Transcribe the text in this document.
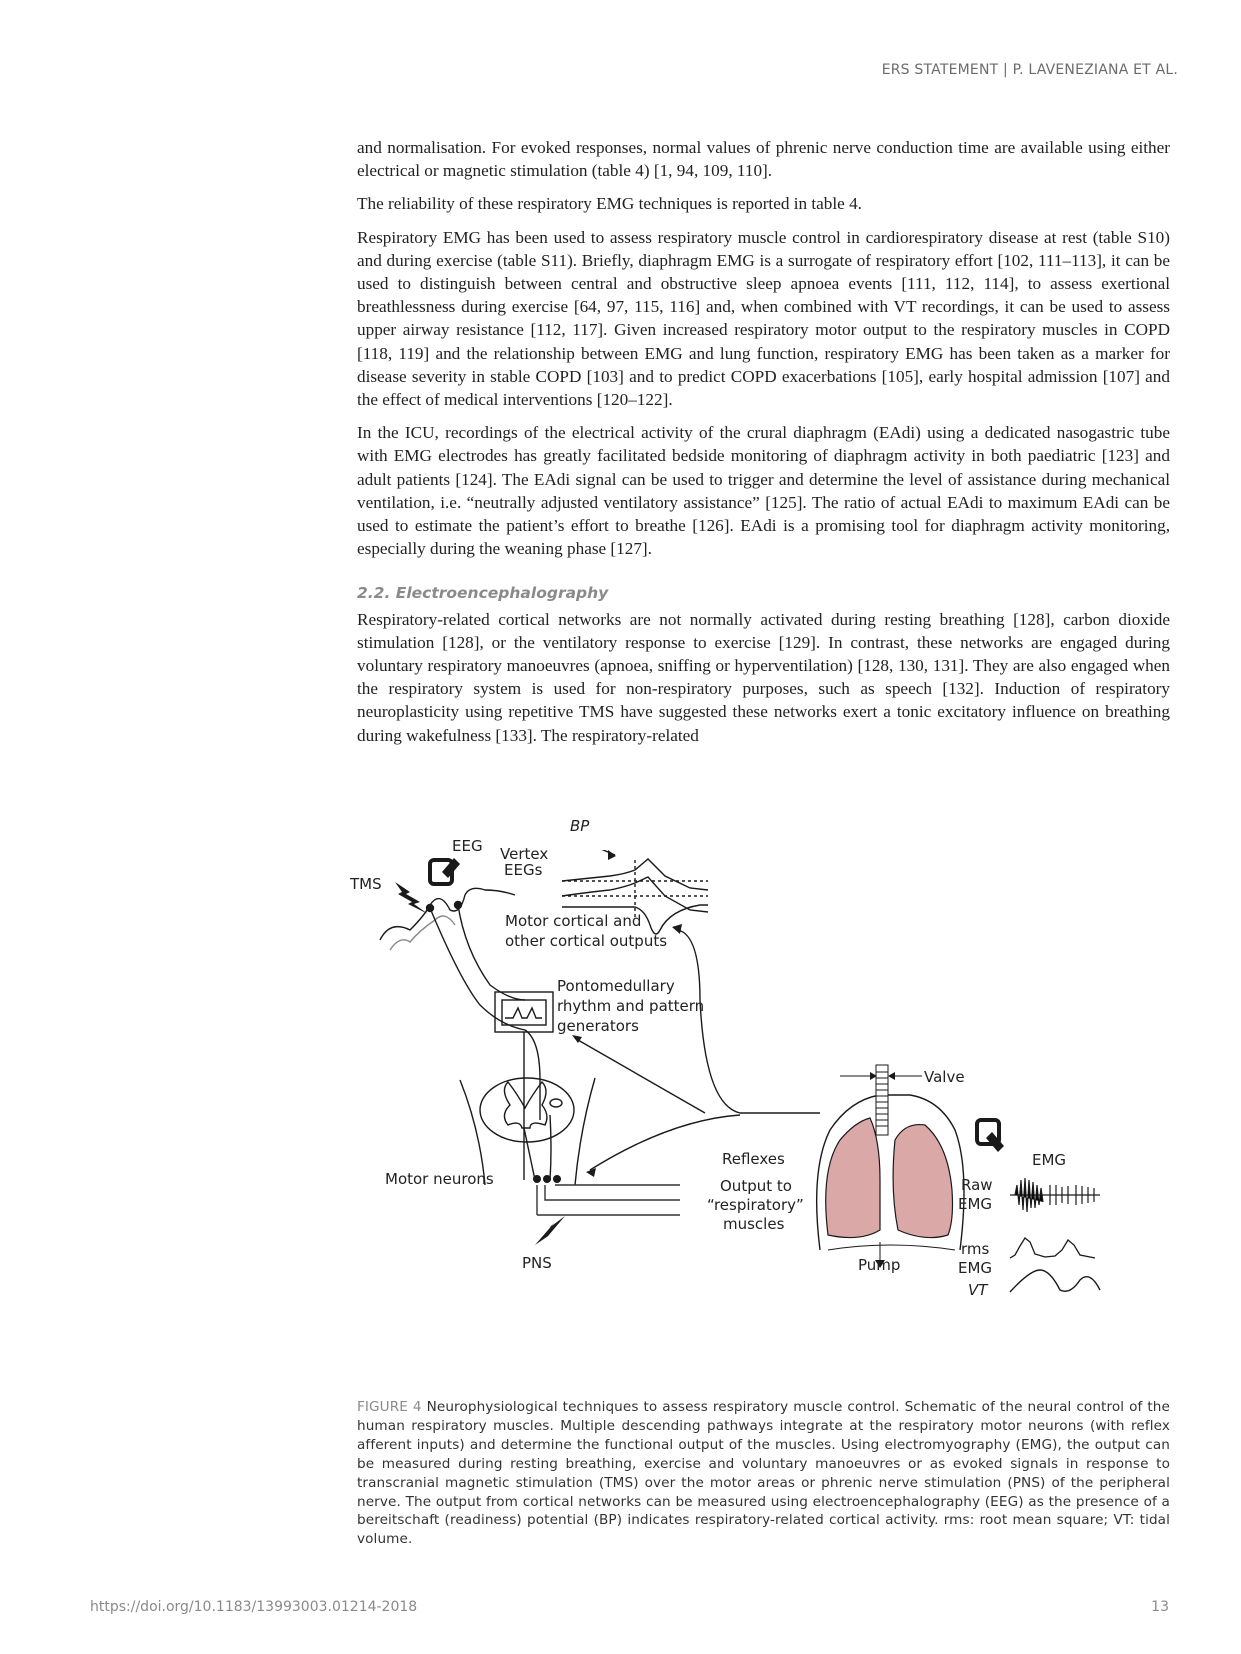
ERS STATEMENT | P. LAVENEZIANA ET AL.

and normalisation. For evoked responses, normal values of phrenic nerve conduction time are available using either electrical or magnetic stimulation (table 4) [1, 94, 109, 110].

The reliability of these respiratory EMG techniques is reported in table 4.

Respiratory EMG has been used to assess respiratory muscle control in cardiorespiratory disease at rest (table S10) and during exercise (table S11). Briefly, diaphragm EMG is a surrogate of respiratory effort [102, 111–113], it can be used to distinguish between central and obstructive sleep apnoea events [111, 112, 114], to assess exertional breathlessness during exercise [64, 97, 115, 116] and, when combined with VT recordings, it can be used to assess upper airway resistance [112, 117]. Given increased respiratory motor output to the respiratory muscles in COPD [118, 119] and the relationship between EMG and lung function, respiratory EMG has been taken as a marker for disease severity in stable COPD [103] and to predict COPD exacerbations [105], early hospital admission [107] and the effect of medical interventions [120–122].

In the ICU, recordings of the electrical activity of the crural diaphragm (EAdi) using a dedicated nasogastric tube with EMG electrodes has greatly facilitated bedside monitoring of diaphragm activity in both paediatric [123] and adult patients [124]. The EAdi signal can be used to trigger and determine the level of assistance during mechanical ventilation, i.e. “neutrally adjusted ventilatory assistance” [125]. The ratio of actual EAdi to maximum EAdi can be used to estimate the patient’s effort to breathe [126]. EAdi is a promising tool for diaphragm activity monitoring, especially during the weaning phase [127].

2.2. Electroencephalography

Respiratory-related cortical networks are not normally activated during resting breathing [128], carbon dioxide stimulation [128], or the ventilatory response to exercise [129]. In contrast, these networks are engaged during voluntary respiratory manoeuvres (apnoea, sniffing or hyperventilation) [128, 130, 131]. They are also engaged when the respiratory system is used for non-respiratory purposes, such as speech [132]. Induction of respiratory neuroplasticity using repetitive TMS have suggested these networks exert a tonic excitatory influence on breathing during wakefulness [133]. The respiratory-related

BP
EEG Vertex
EEGs
TMS
Motor cortical and
other cortical outputs
Pontomedullary
rhythm and pattern
generators
Valve
Reflexes
Output to
“respiratory”
muscles
Motor neurons
PNS	Pump
EMG
Raw
EMG
rms
EMG
VT
FIGURE 4 Neurophysiological techniques to assess respiratory muscle control. Schematic of the neural control of the human respiratory muscles. Multiple descending pathways integrate at the respiratory motor neurons (with reflex afferent inputs) and determine the functional output of the muscles. Using electromyography (EMG), the output can be measured during resting breathing, exercise and voluntary manoeuvres or as evoked signals in response to transcranial magnetic stimulation (TMS) over the motor areas or phrenic nerve stimulation (PNS) of the peripheral nerve. The output from cortical networks can be measured using electroencephalography (EEG) as the presence of a bereitschaft (readiness) potential (BP) indicates respiratory-related cortical activity. rms: root mean square; VT: tidal volume.
https://doi.org/10.1183/13993003.01214-2018	13
